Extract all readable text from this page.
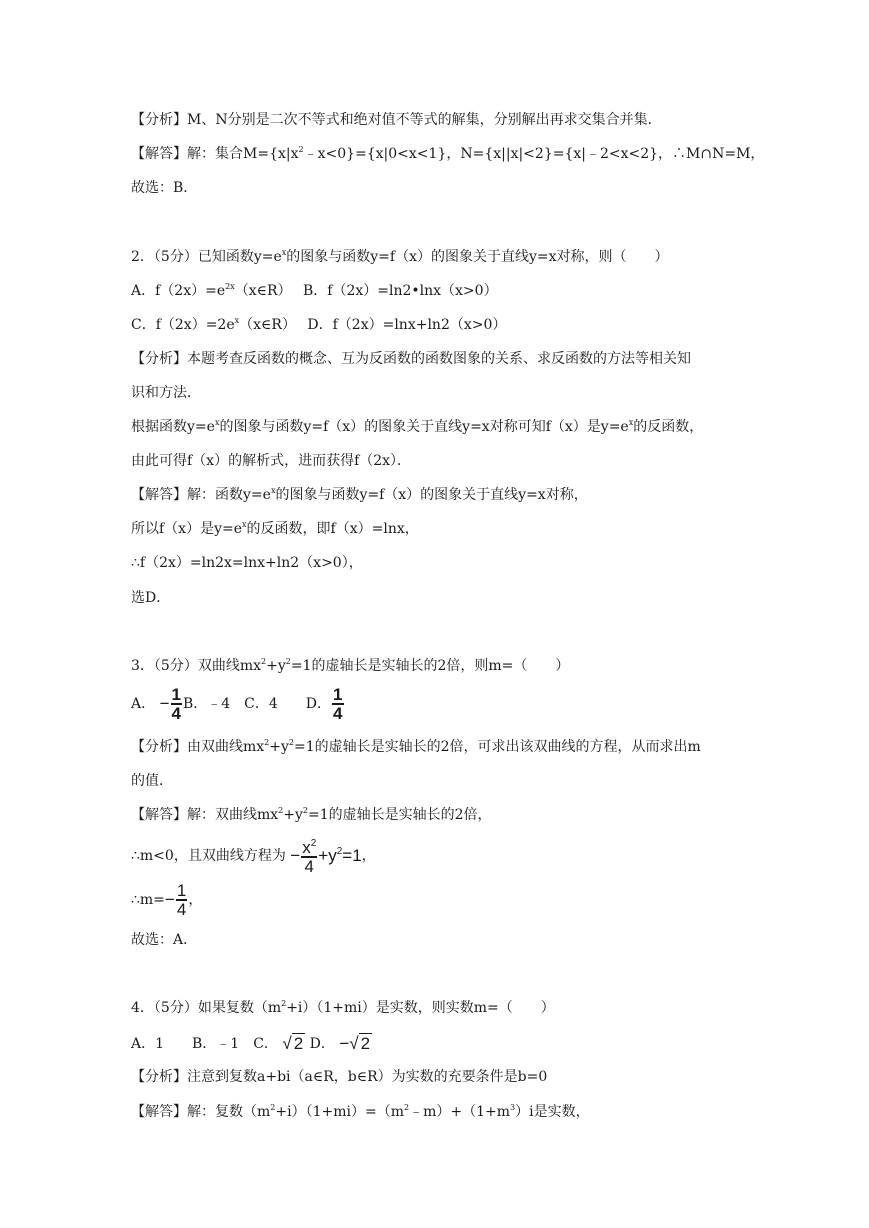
【分析】M、N分别是二次不等式和绝对值不等式的解集，分别解出再求交集合并集．
【解答】解：集合$M=\{x|x^2﹣x<0\}=\{x|0<x<1\}$，N={x||x|<2}={x|﹣2<x<2}，∴M∩N=M，
故选：B．
2．（5分）已知函数$y=e^x$的图象与函数y=f（x）的图象关于直线y=x对称，则（　　）
A．$f(2x)=e^{2x}(x\in R)$　 B．f（2x）=ln2•lnx（x>0）
C．$f(2x)=2e^x(x\in R)$　 D．f（2x）=lnx+ln2（x>0）
【分析】本题考查反函数的概念、互为反函数的函数图象的关系、求反函数的方法等相关知
识和方法．
根据函数$y=e^x$的图象与函数y=f（x）的图象关于直线y=x对称可知f（x）是$y=e^x$的反函数，
由此可得f（x）的解析式，进而获得f（2x）．
【解答】解：函数$y=e^x$的图象与函数y=f（x）的图象关于直线y=x对称，
所以f（x）是$y=e^x$的反函数，即f（x）=lnx，
∴f（2x）=ln2x=lnx+ln2（x>0），
选D．
3．（5分）双曲线$mx^2+y^2=1$的虚轴长是实轴长的2倍，则m=（　　）
A． − $\frac{1}{4}$ B．﹣4　C．4　　D． $\frac{1}{4}$
【分析】由双曲线$mx^2+y^2=1$的虚轴长是实轴长的2倍，可求出该双曲线的方程，从而求出m
的值．
【解答】解：双曲线$mx^2+y^2=1$的虚轴长是实轴长的2倍，
∴m<0，且双曲线方程为 − $\frac{x^2}{4} +y^2=1$，
∴m=− $\frac{1}{4}$ ，
故选：A．
4．（5分）如果复数$(m^2+i)(1+mi)$是实数，则实数m=（　　）
A．1　　B．﹣1　C． √ 2 D． −√ 2
【分析】注意到复数a+bi（a∈R，b∈R）为实数的充要条件是b=0
【解答】解：复数$(m^2+i)(1+mi)=(m^2﹣m)+(1+m^3)i$是实数，
